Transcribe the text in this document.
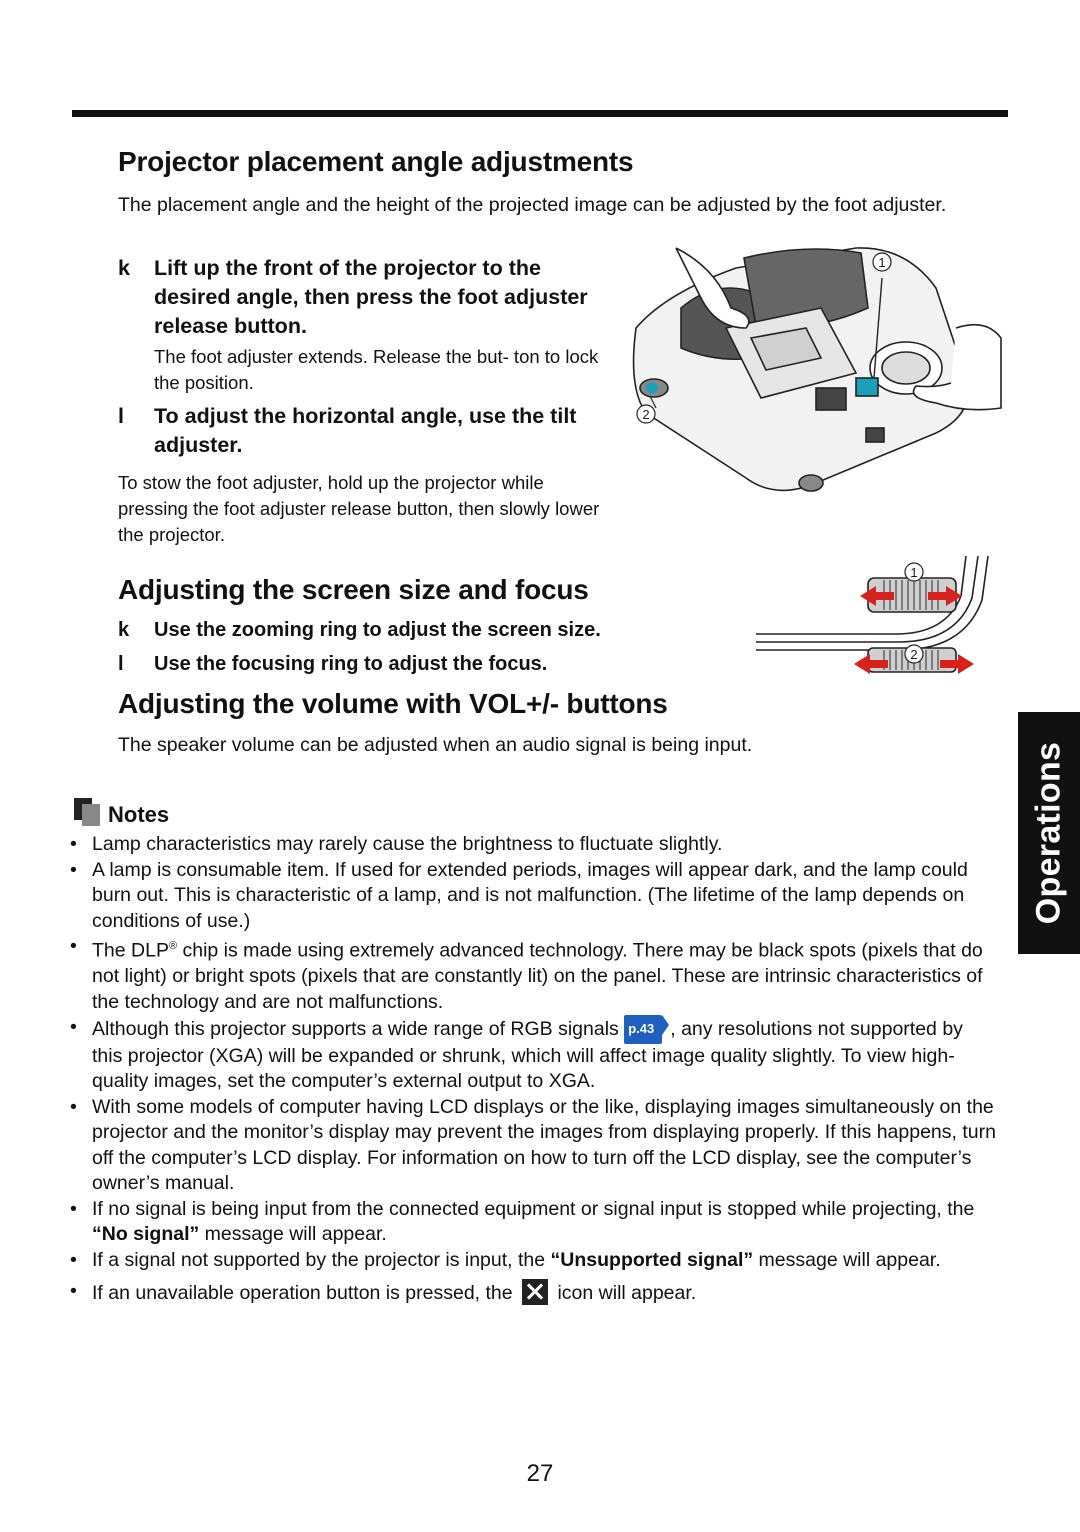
Projector placement angle adjustments
The placement angle and the height of the projected image can be adjusted by the foot adjuster.
k	Lift up the front of the projector to the desired angle, then press the foot adjuster release button.
The foot adjuster extends. Release the but- ton to lock the position.
l	To adjust the horizontal angle, use the tilt adjuster.
To stow the foot adjuster, hold up the projector while pressing the foot adjuster release button, then slowly lower the projector.
1
2
Adjusting the screen size and focus
k	Use the zooming ring to adjust the screen size.
l	Use the focusing ring to adjust the focus.
1
2
Adjusting the volume with VOL+/- buttons
The speaker volume can be adjusted when an audio signal is being input.	Operations
Notes
• Lamp characteristics may rarely cause the brightness to fluctuate slightly.
• A lamp is consumable item. If used for extended periods, images will appear dark, and the lamp could burn out. This is characteristic of a lamp, and is not malfunction. (The lifetime of the lamp depends on conditions of use.)
• The DLP® chip is made using extremely advanced technology. There may be black spots (pixels that do not light) or bright spots (pixels that are constantly lit) on the panel. These are intrinsic characteristics of the technology and are not malfunctions.
• Although this projector supports a wide range of RGB signals p.43 , any resolutions not supported by this projector (XGA) will be expanded or shrunk, which will affect image quality slightly. To view high-quality images, set the computer’s external output to XGA.
• With some models of computer having LCD displays or the like, displaying images simultaneously on the projector and the monitor’s display may prevent the images from displaying properly. If this happens, turn off the computer’s LCD display. For information on how to turn off the LCD display, see the computer’s owner’s manual.
• If no signal is being input from the connected equipment or signal input is stopped while projecting, the “No signal” message will appear.
• If a signal not supported by the projector is input, the “Unsupported signal” message will appear.
• If an unavailable operation button is pressed, the  icon will appear.
27
